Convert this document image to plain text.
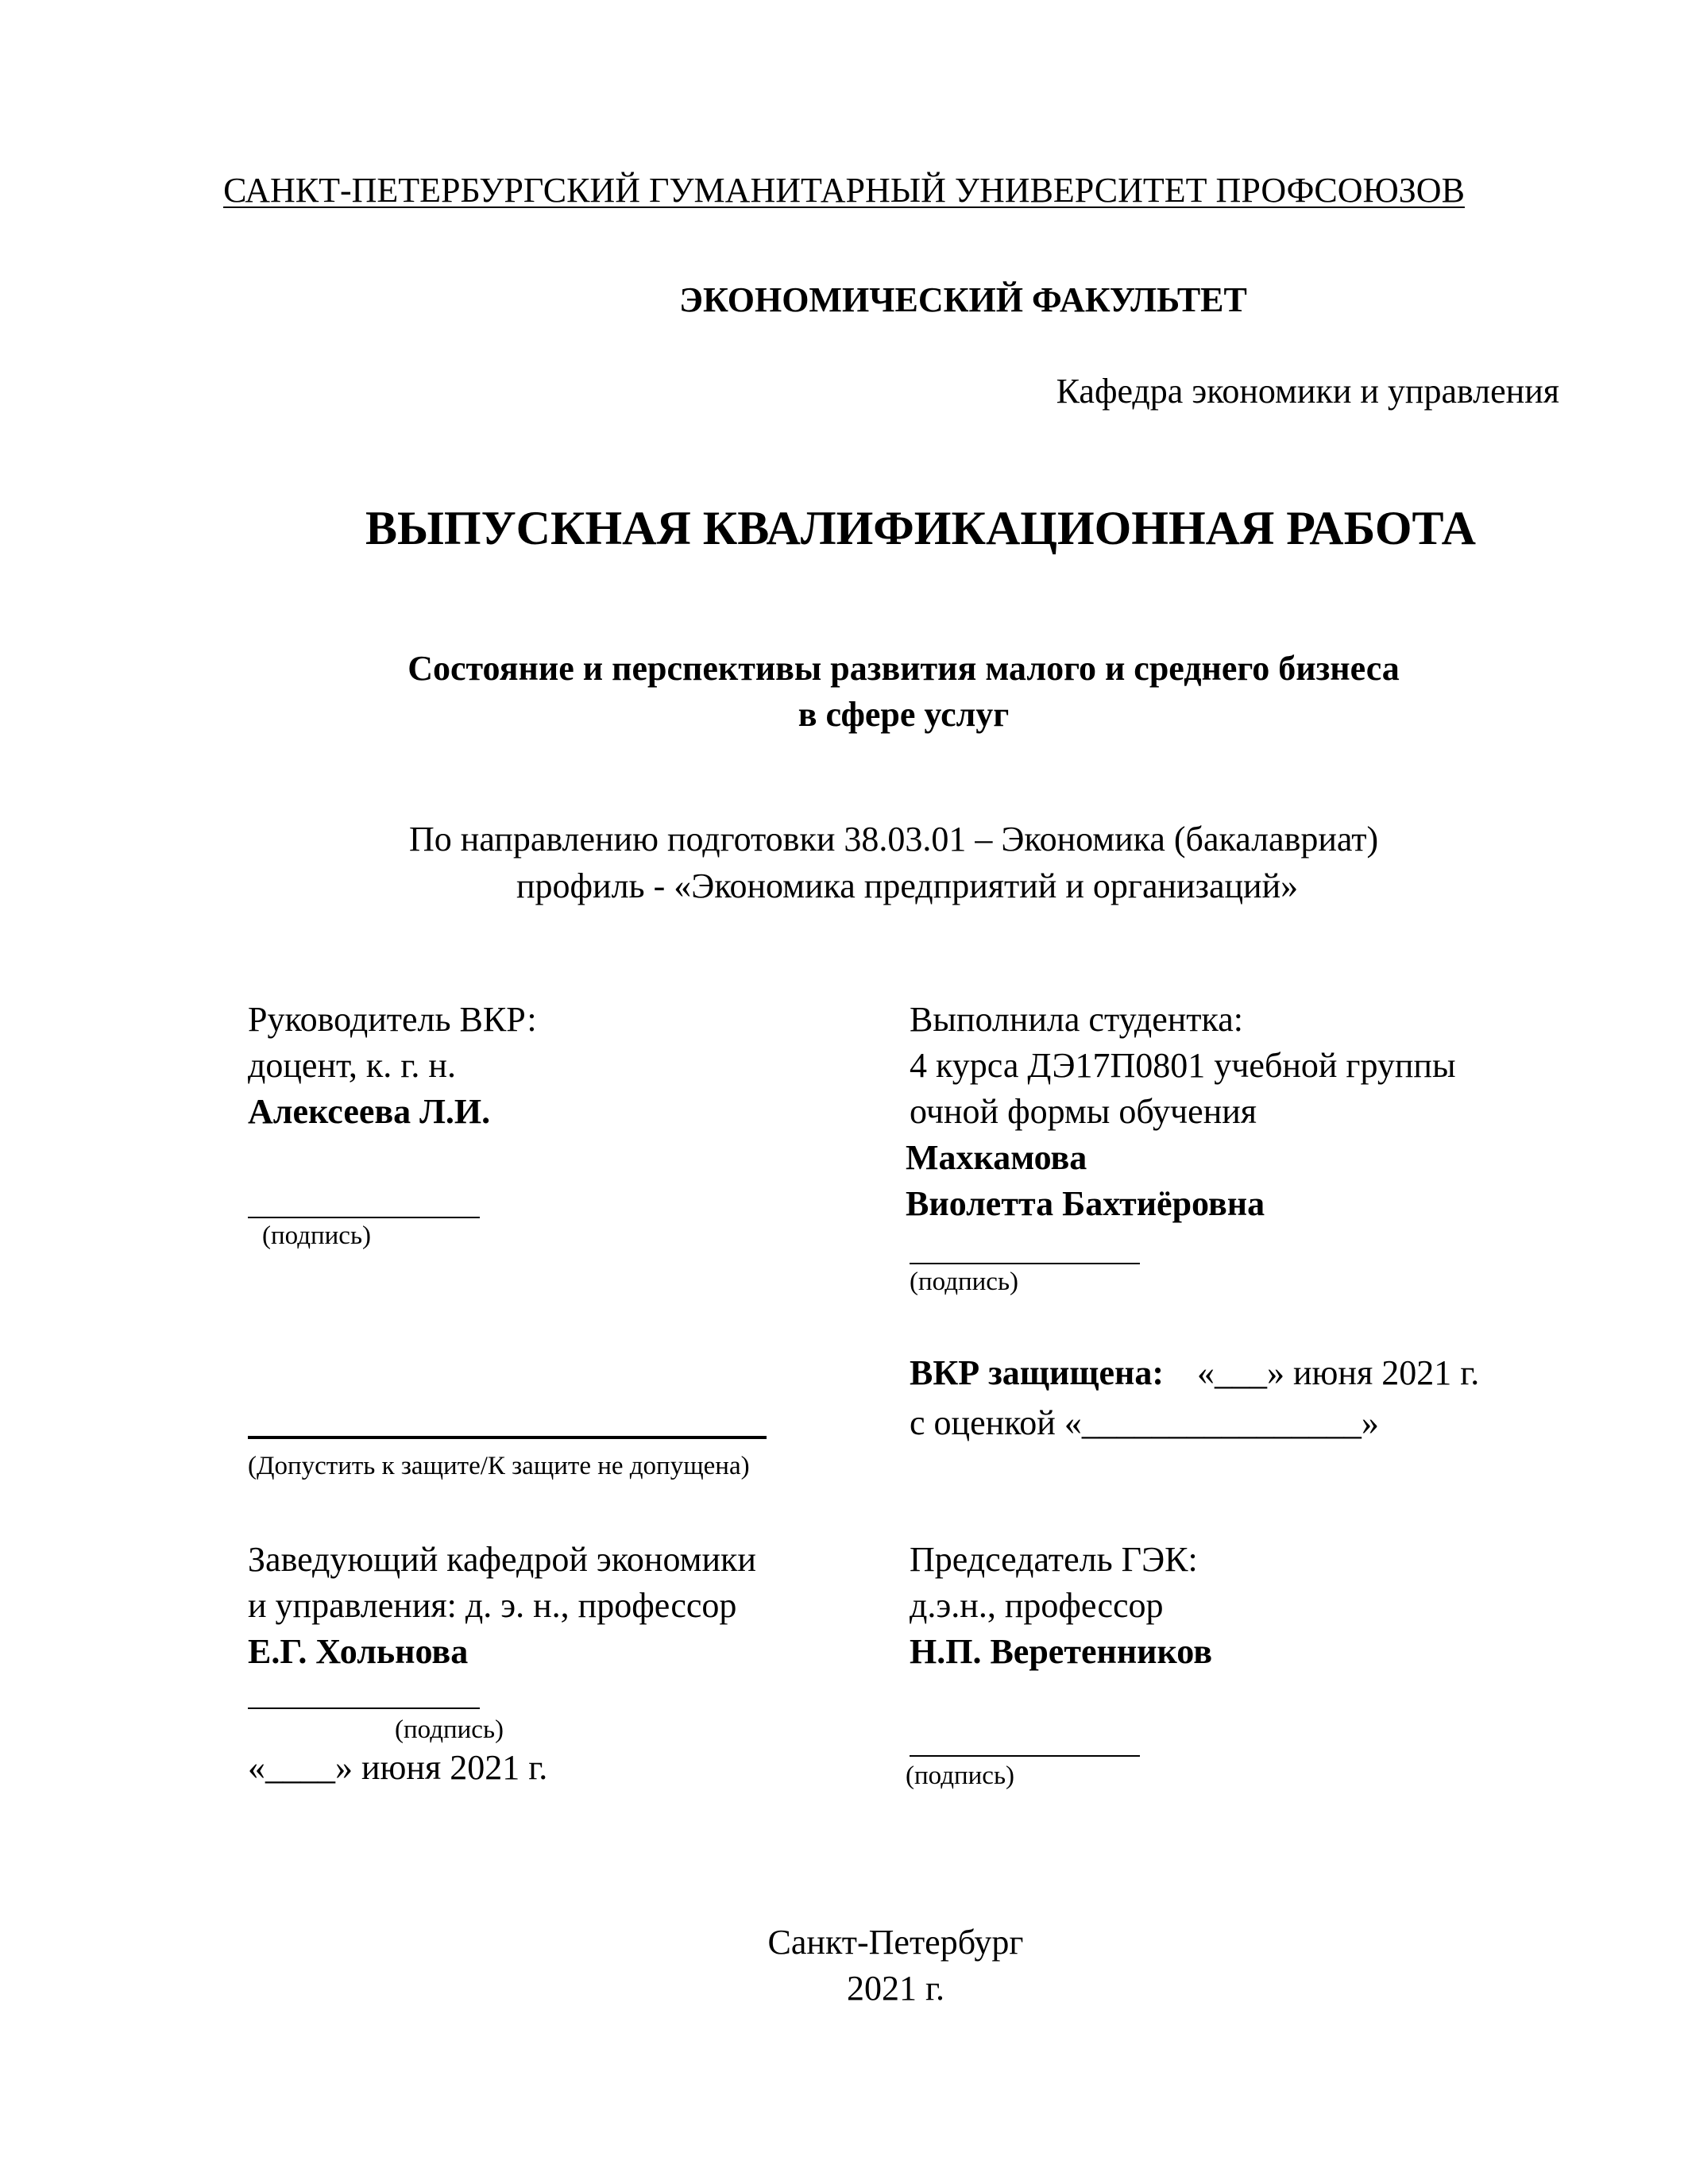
САНКТ-ПЕТЕРБУРГСКИЙ ГУМАНИТАРНЫЙ УНИВЕРСИТЕТ ПРОФСОЮЗОВ

ЭКОНОМИЧЕСКИЙ ФАКУЛЬТЕТ

Кафедра экономики и управления

ВЫПУСКНАЯ КВАЛИФИКАЦИОННАЯ РАБОТА

Состояние и перспективы развития малого и среднего бизнеса

в сфере услуг

По направлению подготовки 38.03.01 – Экономика (бакалавриат)

профиль - «Экономика предприятий и организаций»

Руководитель ВКР:

доцент, к. г. н.

Алексеева Л.И.

(подпись)

Выполнила студентка:

4 курса ДЭ17П0801 учебной группы

очной формы обучения

Махкамова

Виолетта Бахтиёровна

(подпись)

ВКР защищена: «___» июня 2021 г.

с оценкой «________________»

(Допустить к защите/К защите не допущена)

Заведующий кафедрой экономики

и управления: д. э. н., профессор

Е.Г. Хольнова

(подпись)

«____» июня 2021 г.

Председатель ГЭК:

д.э.н., профессор

Н.П. Веретенников

(подпись)

Санкт-Петербург

2021 г.
